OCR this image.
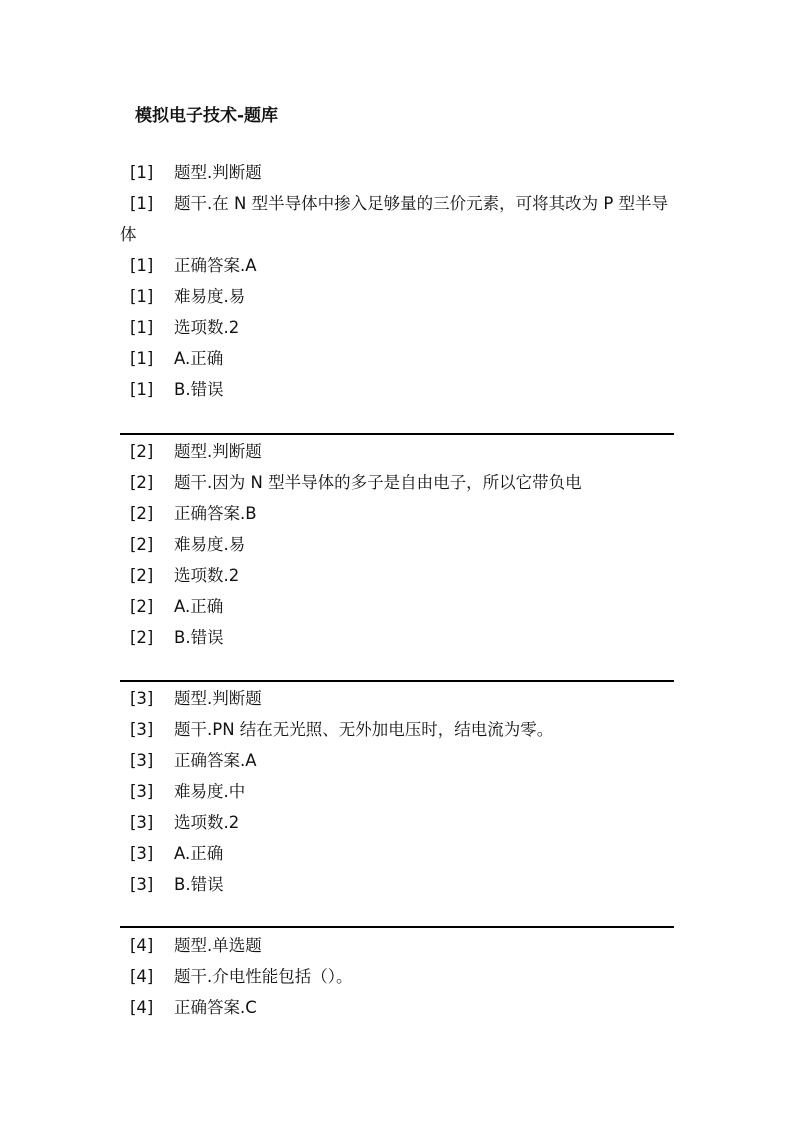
模拟电子技术-题库
[1] 题型.判断题
[1] 题干.在 N 型半导体中掺入足够量的三价元素，可将其改为 P 型半导体
[1] 正确答案.A
[1] 难易度.易
[1] 选项数.2
[1] A.正确
[1] B.错误
[2] 题型.判断题
[2] 题干.因为 N 型半导体的多子是自由电子，所以它带负电
[2] 正确答案.B
[2] 难易度.易
[2] 选项数.2
[2] A.正确
[2] B.错误
[3] 题型.判断题
[3] 题干.PN 结在无光照、无外加电压时，结电流为零。
[3] 正确答案.A
[3] 难易度.中
[3] 选项数.2
[3] A.正确
[3] B.错误
[4] 题型.单选题
[4] 题干.介电性能包括（）。
[4] 正确答案.C
